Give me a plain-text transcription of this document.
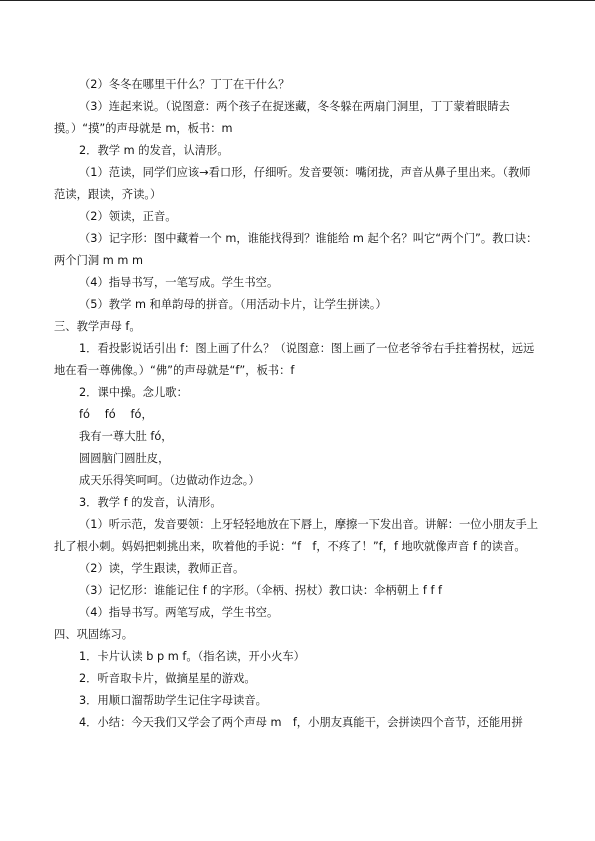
（2）冬冬在哪里干什么？丁丁在干什么？

（3）连起来说。（说图意：两个孩子在捉迷藏，冬冬躲在两扇门洞里，丁丁蒙着眼睛去摸。）“摸”的声母就是 m，板书：m

2．教学 m 的发音，认清形。

（1）范读，同学们应该→看口形，仔细听。发音要领：嘴闭拢，声音从鼻子里出来。（教师范读，跟读，齐读。）

（2）领读，正音。

（3）记字形：图中藏着一个 m，谁能找得到？谁能给 m 起个名？叫它“两个门”。教口诀：两个门洞 m m m

（4）指导书写，一笔写成。学生书空。

（5）教学 m 和单韵母的拼音。（用活动卡片，让学生拼读。）

三、教学声母 f。

1．看投影说话引出 f：图上画了什么？（说图意：图上画了一位老爷爷右手拄着拐杖，远远地在看一尊佛像。）“佛”的声母就是“f”，板书：f

2．课中操。念儿歌：

fó　 fó　 fó，

我有一尊大肚 fó，

圆圆脑门圆肚皮，

成天乐得笑呵呵。（边做动作边念。）

3．教学 f 的发音，认清形。

（1）听示范，发音要领：上牙轻轻地放在下唇上，摩擦一下发出音。讲解：一位小朋友手上扎了根小刺。妈妈把刺挑出来，吹着他的手说：“f　f，不疼了！”f，f 地吹就像声音 f 的读音。

（2）读，学生跟读，教师正音。

（3）记忆形：谁能记住 f 的字形。（伞柄、拐杖）教口诀：伞柄朝上 f f f

（4）指导书写。两笔写成，学生书空。

四、巩固练习。

1．卡片认读 b p m f。（指名读，开小火车）

2．听音取卡片，做摘星星的游戏。

3．用顺口溜帮助学生记住字母读音。

4．小结：今天我们又学会了两个声母 m　f，小朋友真能干，会拼读四个音节，还能用拼
